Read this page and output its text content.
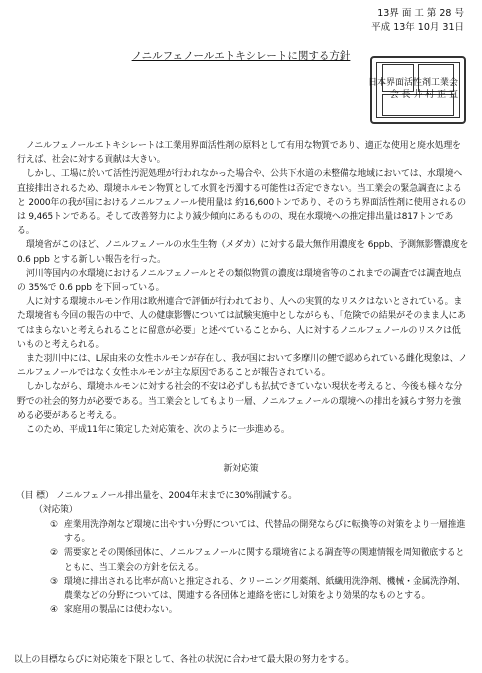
13界 面 工 第 28 号
平成 13年 10月 31日
ノニルフェノールエトキシレートに関する方針
日本界面活性剤工業会
会 長 井 村 正 直

ノニルフェノールエトキシレートは工業用界面活性剤の原料として有用な物質であり、適正な使用と廃水処理を行えば、社会に対する貢献は大きい。

しかし、工場に於いて活性汚泥処理が行われなかった場合や、公共下水道の未整備な地域においては、水環境へ直接排出されるため、環境ホルモン物質として水質を汚濁する可能性は否定できない。当工業会の緊急調査によると 2000年の我が国におけるノニルフェノール使用量は 約16,600トンであり、そのうち界面活性剤に使用されるのは 9,465トンである。そして改善努力により減少傾向にあるものの、現在水環境への推定排出量は817トンである。

環境省がこのほど、ノニルフェノールの水生生物（メダカ）に対する最大無作用濃度を 6ppb、予測無影響濃度を 0.6 ppb とする新しい報告を行った。

河川等国内の水環境におけるノニルフェノールとその類似物質の濃度は環境省等のこれまでの調査では調査地点の 35%で 0.6 ppb を下回っている。

人に対する環境ホルモン作用は欧州連合で評価が行われており、人への実質的なリスクはないとされている。また環境省も今回の報告の中で、人の健康影響については試験実施中としながらも、「危険での結果がそのまま人にあてはまらないと考えられることに留意が必要」と述べていることから、人に対するノニルフェノールのリスクは低いものと考えられる。

また羽川中には、L尿由来の女性ホルモンが存在し、我が国において多摩川の鯉で認められている雌化現象は、ノニルフェノールではなく女性ホルモンが主な原因であることが報告されている。

しかしながら、環境ホルモンに対する社会的不安は必ずしも払拭できていない現状を考えると、今後も様々な分野での社会的努力が必要である。当工業会としてもより一層、ノニルフェノールの環境への排出を減らす努力を強める必要があると考える。

このため、平成11年に策定した対応策を、次のように一歩進める。

新対応策
（目 標） ノニルフェノール排出量を、2004年末までに30%削減する。
（対応策）
① 産業用洗浄剤など環境に出やすい分野については、代替品の開発ならびに転換等の対策をより一層推進する。
② 需要家とその関係団体に、ノニルフェノールに関する環境省による調査等の関連情報を周知徹底するとともに、当工業会の方針を伝える。
③ 環境に排出される比率が高いと推定される、クリーニング用薬剤、紙繊用洗浄剤、機械・金属洗浄剤、農業などの分野については、関連する各団体と連絡を密にし対策をより効果的なものとする。
④ 家庭用の製品には使わない。
以上の目標ならびに対応策を下限として、各社の状況に合わせて最大限の努力をする。
